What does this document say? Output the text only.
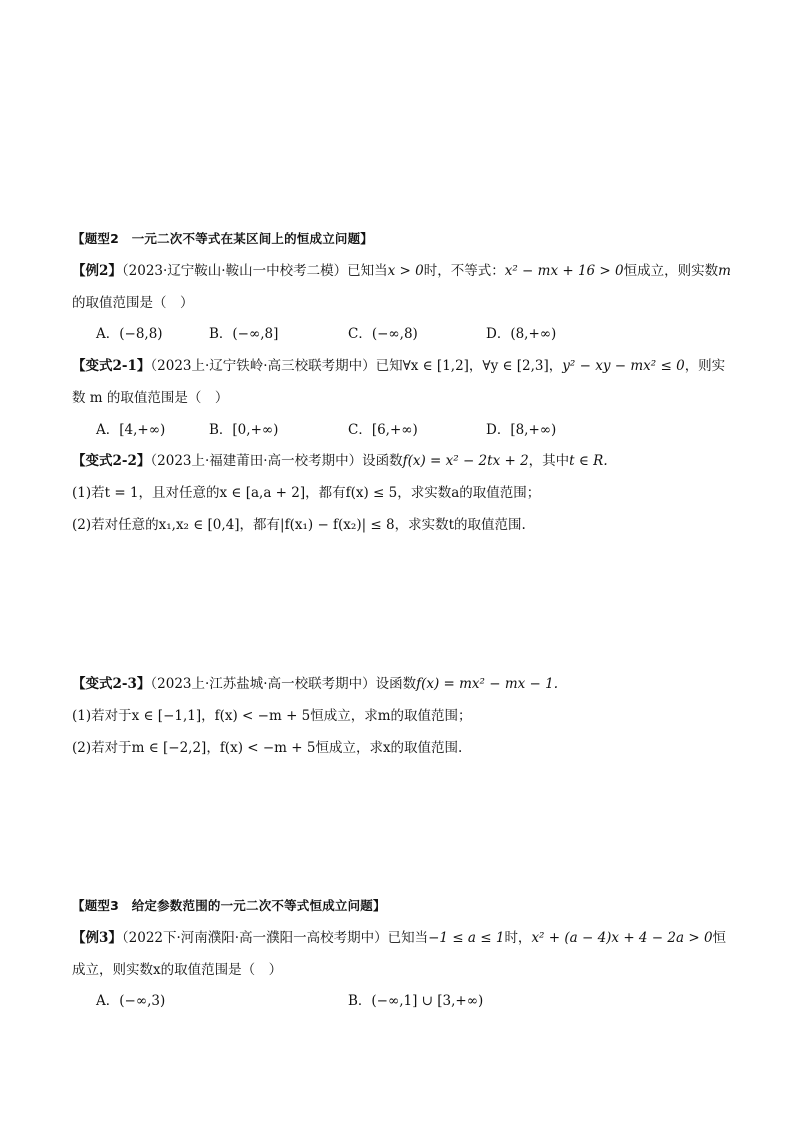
【题型2　一元二次不等式在某区间上的恒成立问题】
【例2】（2023·辽宁鞍山·鞍山一中校考二模）已知当x > 0时，不等式：x² − mx + 16 > 0恒成立，则实数m
的取值范围是（　）
A．(−8,8)	B．(−∞,8]	C．(−∞,8)	D．(8,+∞)
【变式2-1】（2023上·辽宁铁岭·高三校联考期中）已知∀x ∈ [1,2]，∀y ∈ [2,3]，y² − xy − mx² ≤ 0，则实
数 m 的取值范围是（　）
A．[4,+∞)	B．[0,+∞)	C．[6,+∞)	D．[8,+∞)
【变式2-2】（2023上·福建莆田·高一校考期中）设函数f(x) = x² − 2tx + 2，其中t ∈ R.
(1)若t = 1，且对任意的x ∈ [a,a + 2]，都有f(x) ≤ 5，求实数a的取值范围；
(2)若对任意的x₁,x₂ ∈ [0,4]，都有|f(x₁) − f(x₂)| ≤ 8，求实数t的取值范围.
【变式2-3】（2023上·江苏盐城·高一校联考期中）设函数f(x) = mx² − mx − 1.
(1)若对于x ∈ [−1,1]，f(x) < −m + 5恒成立，求m的取值范围；
(2)若对于m ∈ [−2,2]，f(x) < −m + 5恒成立，求x的取值范围.
【题型3　给定参数范围的一元二次不等式恒成立问题】
【例3】（2022下·河南濮阳·高一濮阳一高校考期中）已知当−1 ≤ a ≤ 1时，x² + (a − 4)x + 4 − 2a > 0恒
成立，则实数x的取值范围是（　）
A．(−∞,3)	B．(−∞,1] ∪ [3,+∞)
